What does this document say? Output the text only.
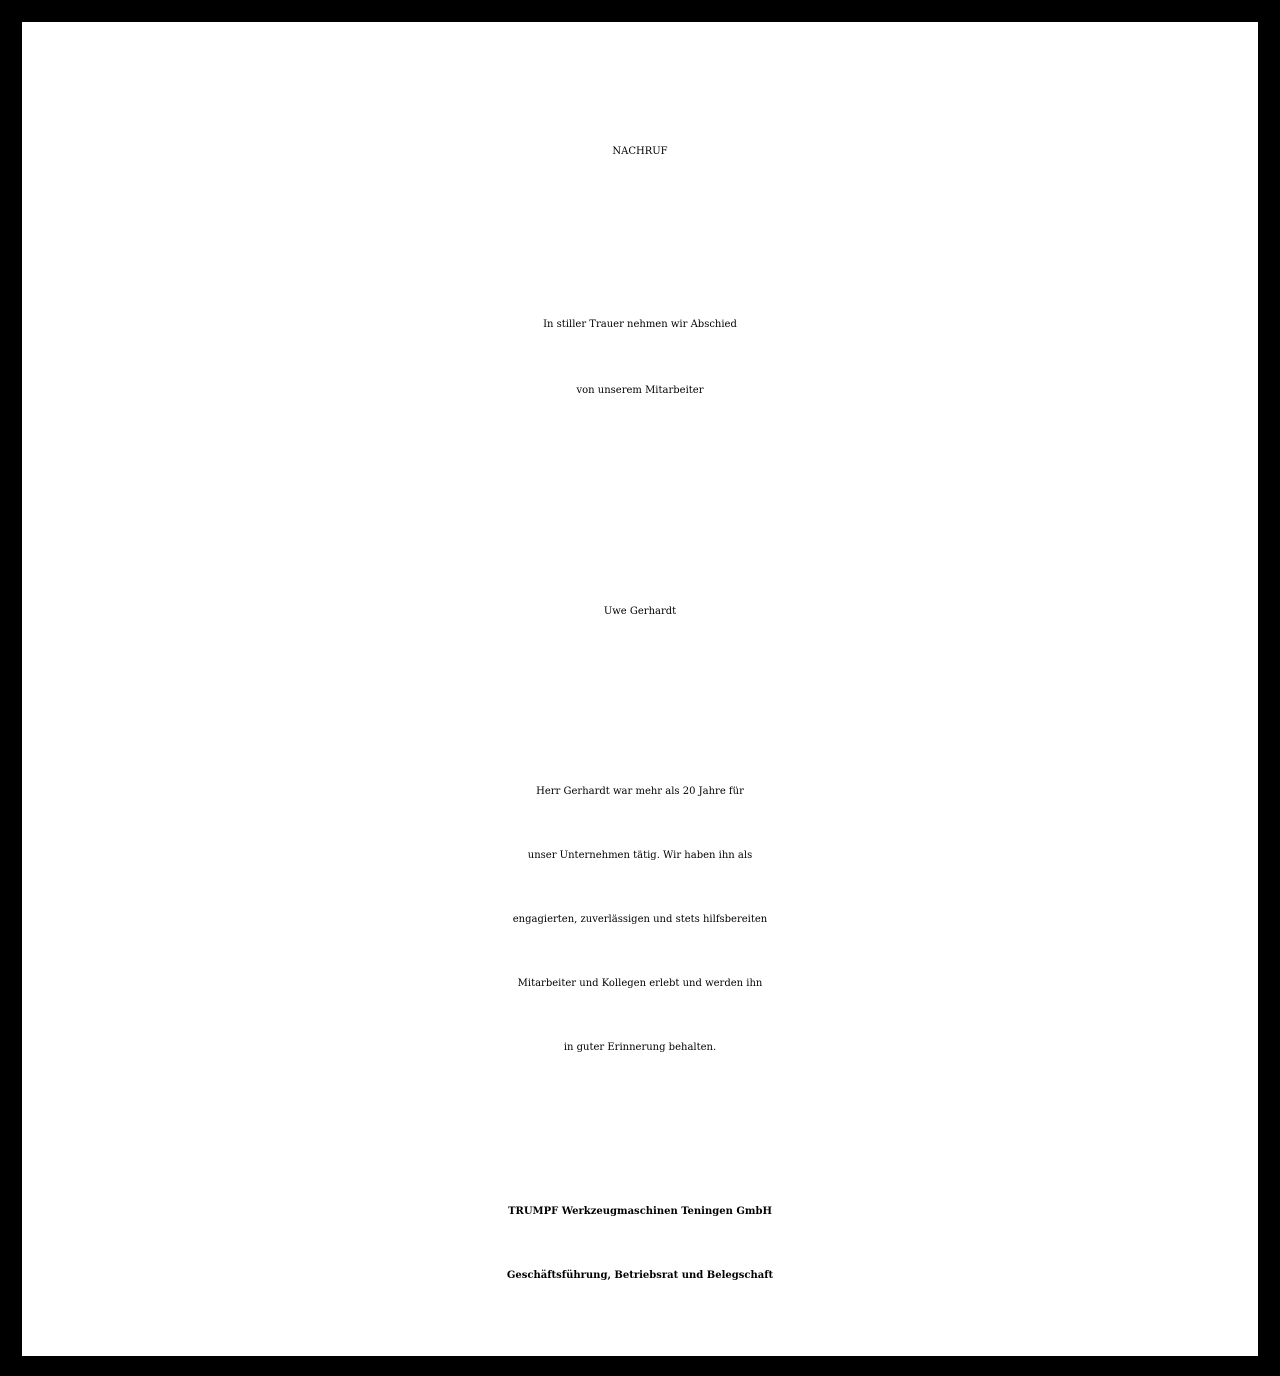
NACHRUF
In stiller Trauer nehmen wir Abschied
von unserem Mitarbeiter
Uwe Gerhardt
Herr Gerhardt war mehr als 20 Jahre für
unser Unternehmen tätig. Wir haben ihn als
engagierten, zuverlässigen und stets hilfsbereiten
Mitarbeiter und Kollegen erlebt und werden ihn
in guter Erinnerung behalten.
TRUMPF Werkzeugmaschinen Teningen GmbH
Geschäftsführung, Betriebsrat und Belegschaft
